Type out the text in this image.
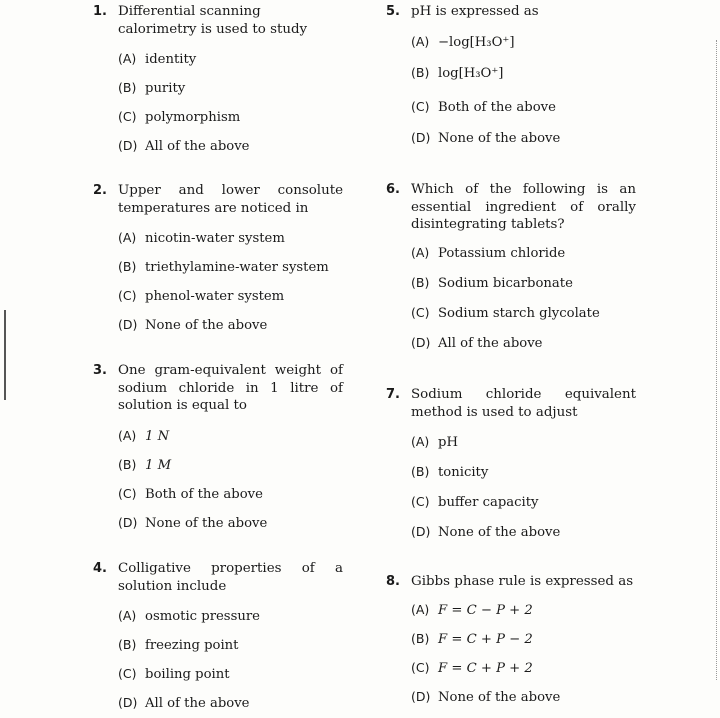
1. Differential scanning calorimetry is used to study
(A) identity
(B) purity
(C) polymorphism
(D) All of the above
2. Upper and lower consolute temperatures are noticed in
(A) nicotin-water system
(B) triethylamine-water system
(C) phenol-water system
(D) None of the above
3. One gram-equivalent weight of sodium chloride in 1 litre of solution is equal to
(A) 1 N
(B) 1 M
(C) Both of the above
(D) None of the above
4. Colligative properties of a solution include
(A) osmotic pressure
(B) freezing point
(C) boiling point
(D) All of the above
5. pH is expressed as
(A) −log[H₃O⁺]
(B) log[H₃O⁺]
(C) Both of the above
(D) None of the above
6. Which of the following is an essential ingredient of orally disintegrating tablets?
(A) Potassium chloride
(B) Sodium bicarbonate
(C) Sodium starch glycolate
(D) All of the above
7. Sodium chloride equivalent method is used to adjust
(A) pH
(B) tonicity
(C) buffer capacity
(D) None of the above
8. Gibbs phase rule is expressed as
(A) F = C − P + 2
(B) F = C + P − 2
(C) F = C + P + 2
(D) None of the above
